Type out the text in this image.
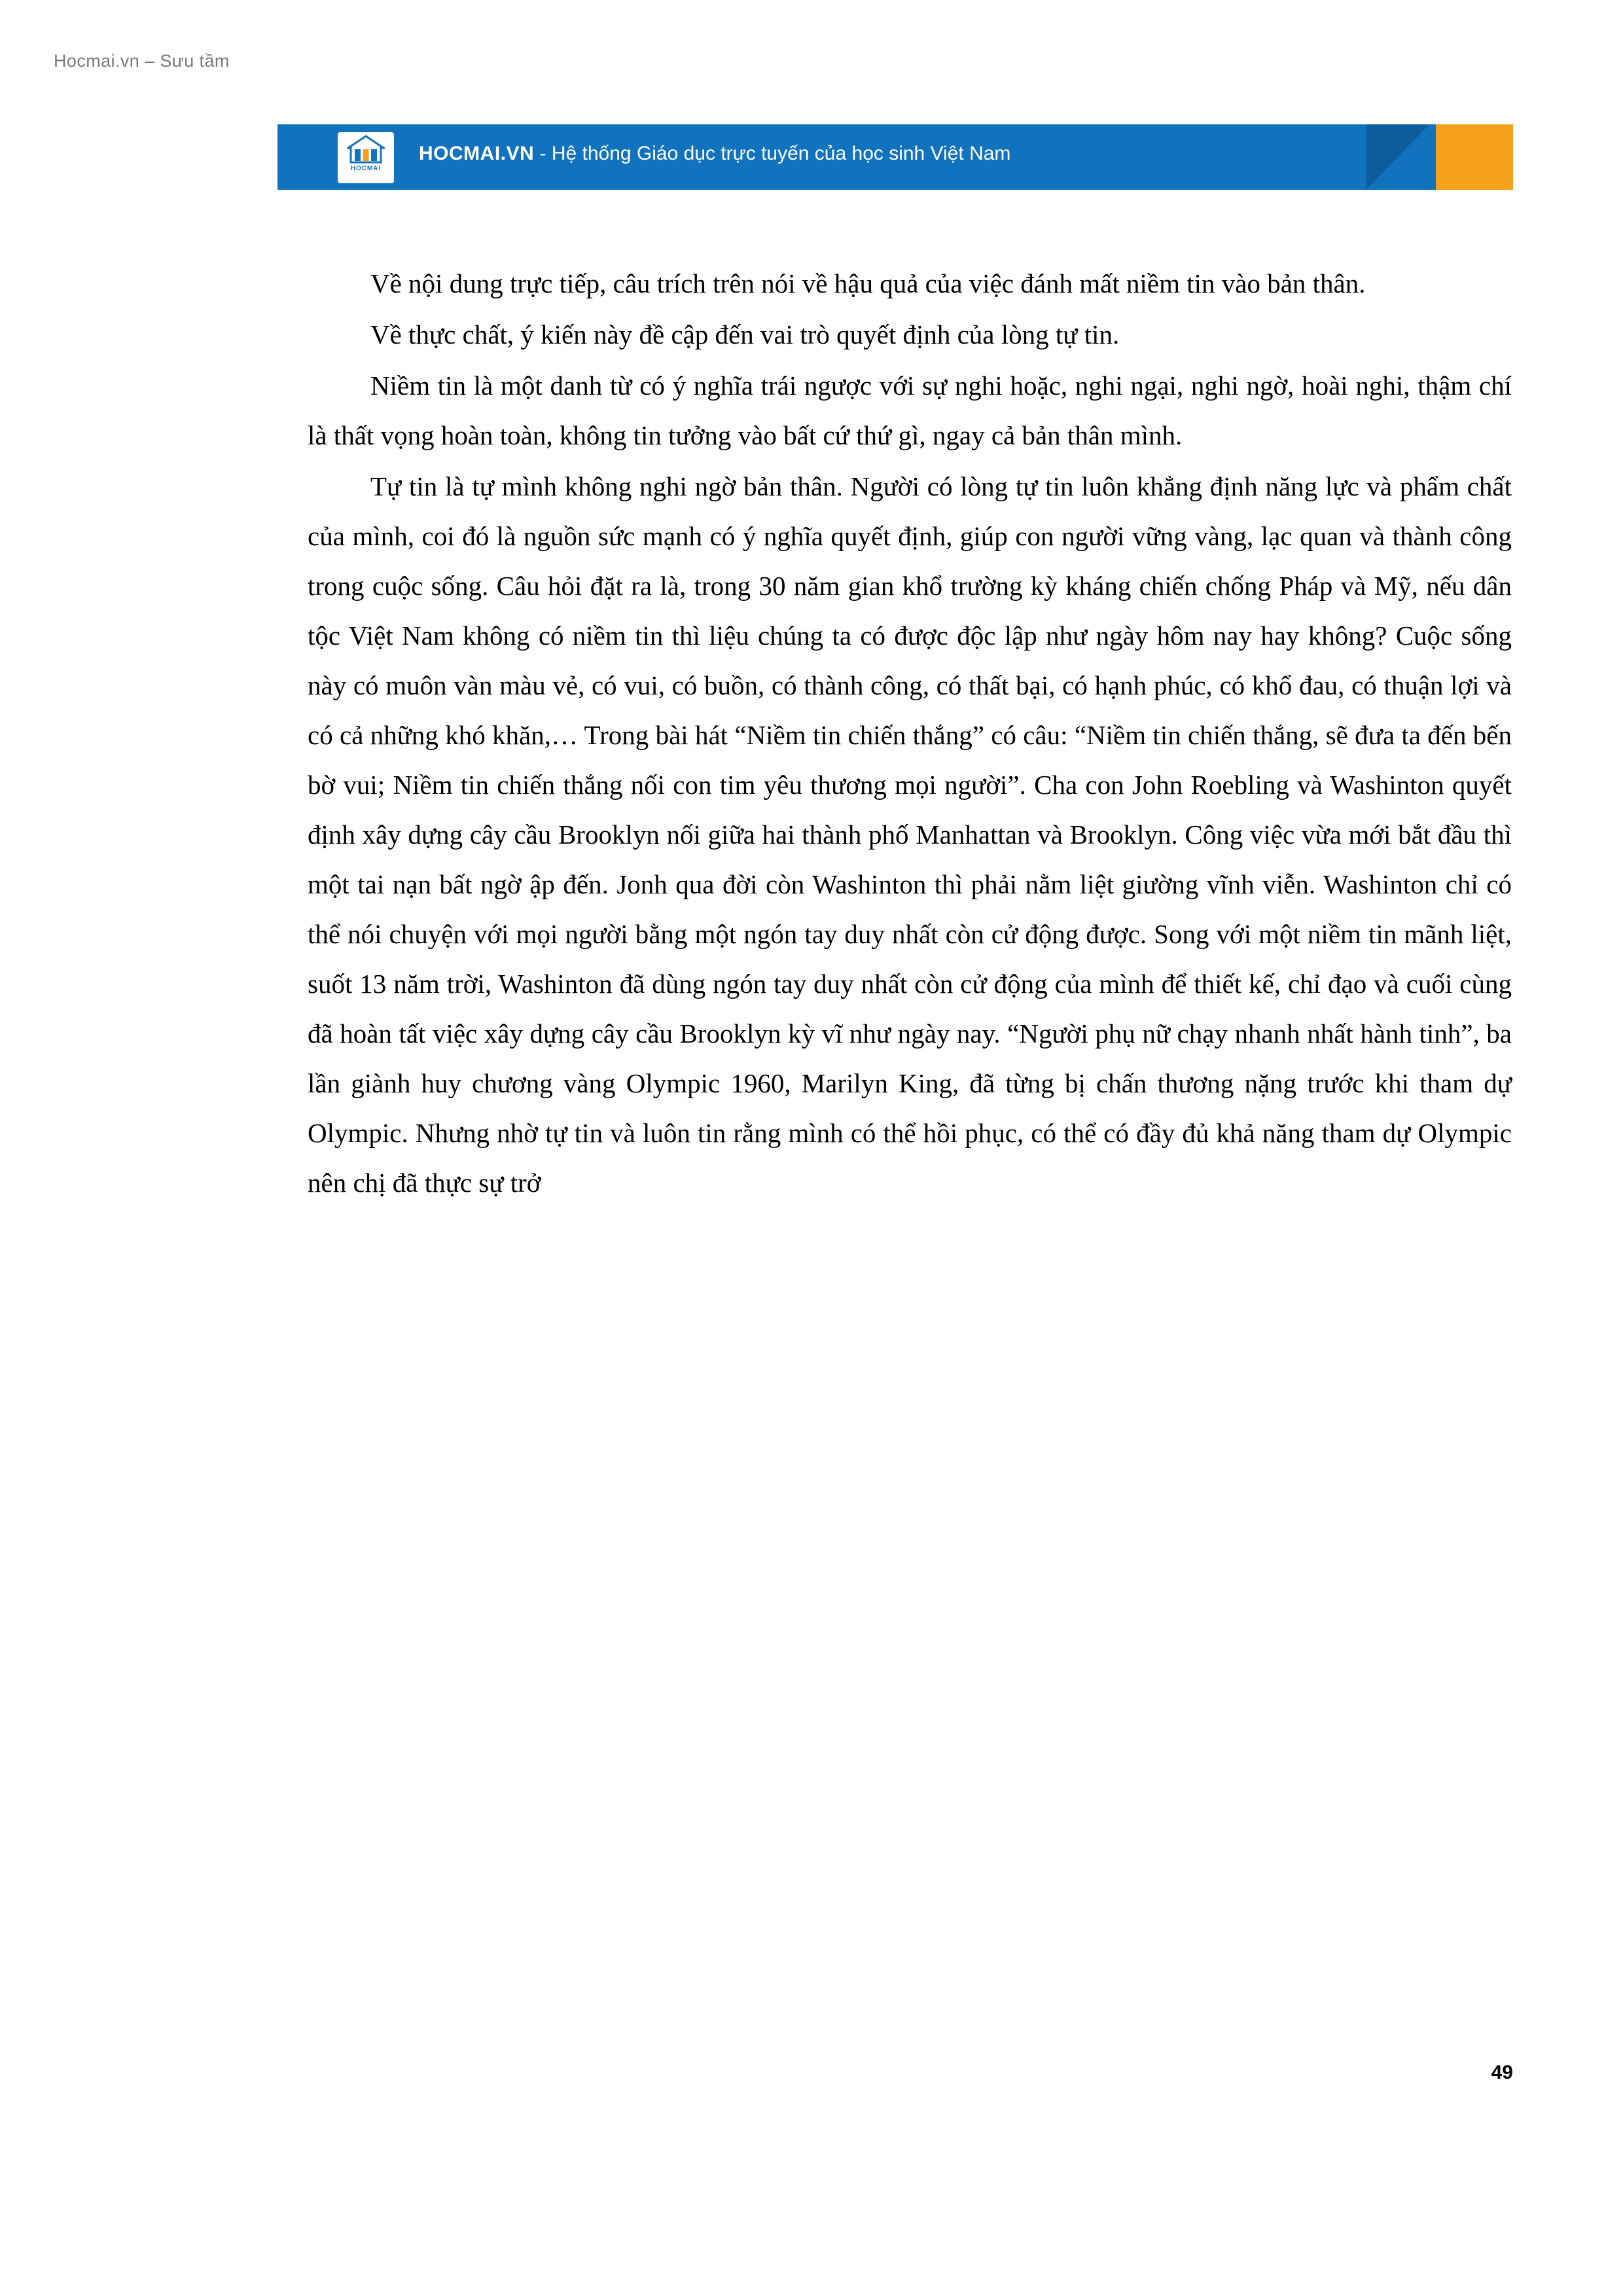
Hocmai.vn – Sưu tầm
HOCMAI
HOCMAI.VN - Hệ thống Giáo dục trực tuyến của học sinh Việt Nam

Về nội dung trực tiếp, câu trích trên nói về hậu quả của việc đánh mất niềm tin vào bản thân.

Về thực chất, ý kiến này đề cập đến vai trò quyết định của lòng tự tin.

Niềm tin là một danh từ có ý nghĩa trái ngược với sự nghi hoặc, nghi ngại, nghi ngờ, hoài nghi, thậm chí là thất vọng hoàn toàn, không tin tưởng vào bất cứ thứ gì, ngay cả bản thân mình.

Tự tin là tự mình không nghi ngờ bản thân. Người có lòng tự tin luôn khẳng định năng lực và phẩm chất của mình, coi đó là nguồn sức mạnh có ý nghĩa quyết định, giúp con người vững vàng, lạc quan và thành công trong cuộc sống. Câu hỏi đặt ra là, trong 30 năm gian khổ trường kỳ kháng chiến chống Pháp và Mỹ, nếu dân tộc Việt Nam không có niềm tin thì liệu chúng ta có được độc lập như ngày hôm nay hay không? Cuộc sống này có muôn vàn màu vẻ, có vui, có buồn, có thành công, có thất bại, có hạnh phúc, có khổ đau, có thuận lợi và có cả những khó khăn,… Trong bài hát “Niềm tin chiến thắng” có câu: “Niềm tin chiến thắng, sẽ đưa ta đến bến bờ vui; Niềm tin chiến thắng nối con tim yêu thương mọi người”. Cha con John Roebling và Washinton quyết định xây dựng cây cầu Brooklyn nối giữa hai thành phố Manhattan và Brooklyn. Công việc vừa mới bắt đầu thì một tai nạn bất ngờ ập đến. Jonh qua đời còn Washinton thì phải nằm liệt giường vĩnh viễn. Washinton chỉ có thể nói chuyện với mọi người bằng một ngón tay duy nhất còn cử động được. Song với một niềm tin mãnh liệt, suốt 13 năm trời, Washinton đã dùng ngón tay duy nhất còn cử động của mình để thiết kế, chỉ đạo và cuối cùng đã hoàn tất việc xây dựng cây cầu Brooklyn kỳ vĩ như ngày nay. “Người phụ nữ chạy nhanh nhất hành tinh”, ba lần giành huy chương vàng Olympic 1960, Marilyn King, đã từng bị chấn thương nặng trước khi tham dự Olympic. Nhưng nhờ tự tin và luôn tin rằng mình có thể hồi phục, có thể có đầy đủ khả năng tham dự Olympic nên chị đã thực sự trở

49
